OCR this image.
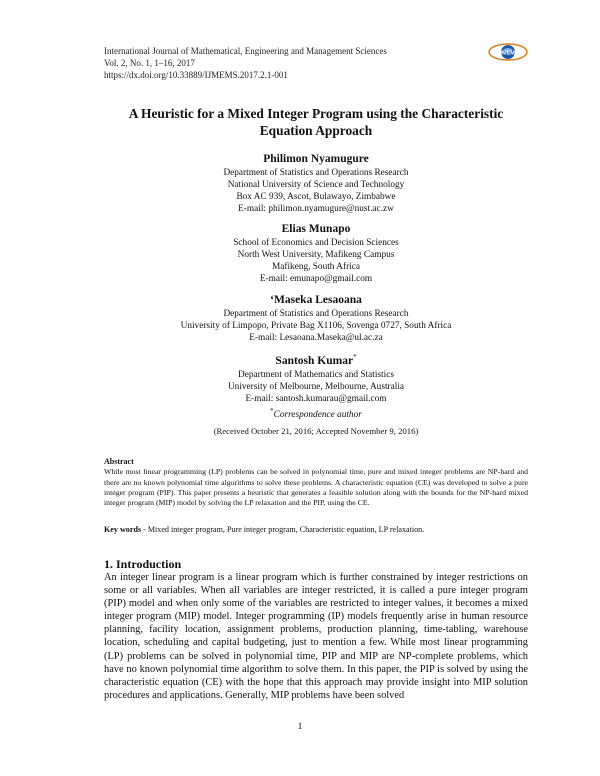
International Journal of Mathematical, Engineering and Management Sciences
Vol. 2, No. 1, 1–16, 2017
https://dx.doi.org/10.33889/IJMEMS.2017.2.1-001
IJMEMS
A Heuristic for a Mixed Integer Program using the Characteristic
Equation Approach
Philimon Nyamugure
Department of Statistics and Operations Research
National University of Science and Technology
Box AC 939, Ascot, Bulawayo, Zimbabwe
E-mail: philimon.nyamugure@nust.ac.zw
Elias Munapo
School of Economics and Decision Sciences
North West University, Mafikeng Campus
Mafikeng, South Africa
E-mail: emunapo@gmail.com
‘Maseka Lesaoana
Department of Statistics and Operations Research
University of Limpopo, Private Bag X1106, Sovenga 0727, South Africa
E-mail: Lesaoana.Maseka@ul.ac.za
Santosh Kumar*
Department of Mathematics and Statistics
University of Melbourne, Melbourne, Australia
E-mail: santosh.kumarau@gmail.com
*Correspondence author
(Received October 21, 2016; Accepted November 9, 2016)
Abstract

While most linear programming (LP) problems can be solved in polynomial time, pure and mixed integer problems are NP-hard and there are no known polynomial time algorithms to solve these problems. A characteristic equation (CE) was developed to solve a pure integer program (PIP). This paper presents a heuristic that generates a feasible solution along with the bounds for the NP-hard mixed integer program (MIP) model by solving the LP relaxation and the PIP, using the CE.

Key words - Mixed integer program, Pure integer program, Characteristic equation, LP relaxation.
1. Introduction

An integer linear program is a linear program which is further constrained by integer restrictions on some or all variables. When all variables are integer restricted, it is called a pure integer program (PIP) model and when only some of the variables are restricted to integer values, it becomes a mixed integer program (MIP) model. Integer programming (IP) models frequently arise in human resource planning, facility location, assignment problems, production planning, time-tabling, warehouse location, scheduling and capital budgeting, just to mention a few. While most linear programming (LP) problems can be solved in polynomial time, PIP and MIP are NP-complete problems, which have no known polynomial time algorithm to solve them. In this paper, the PIP is solved by using the characteristic equation (CE) with the hope that this approach may provide insight into MIP solution procedures and applications. Generally, MIP problems have been solved

1
